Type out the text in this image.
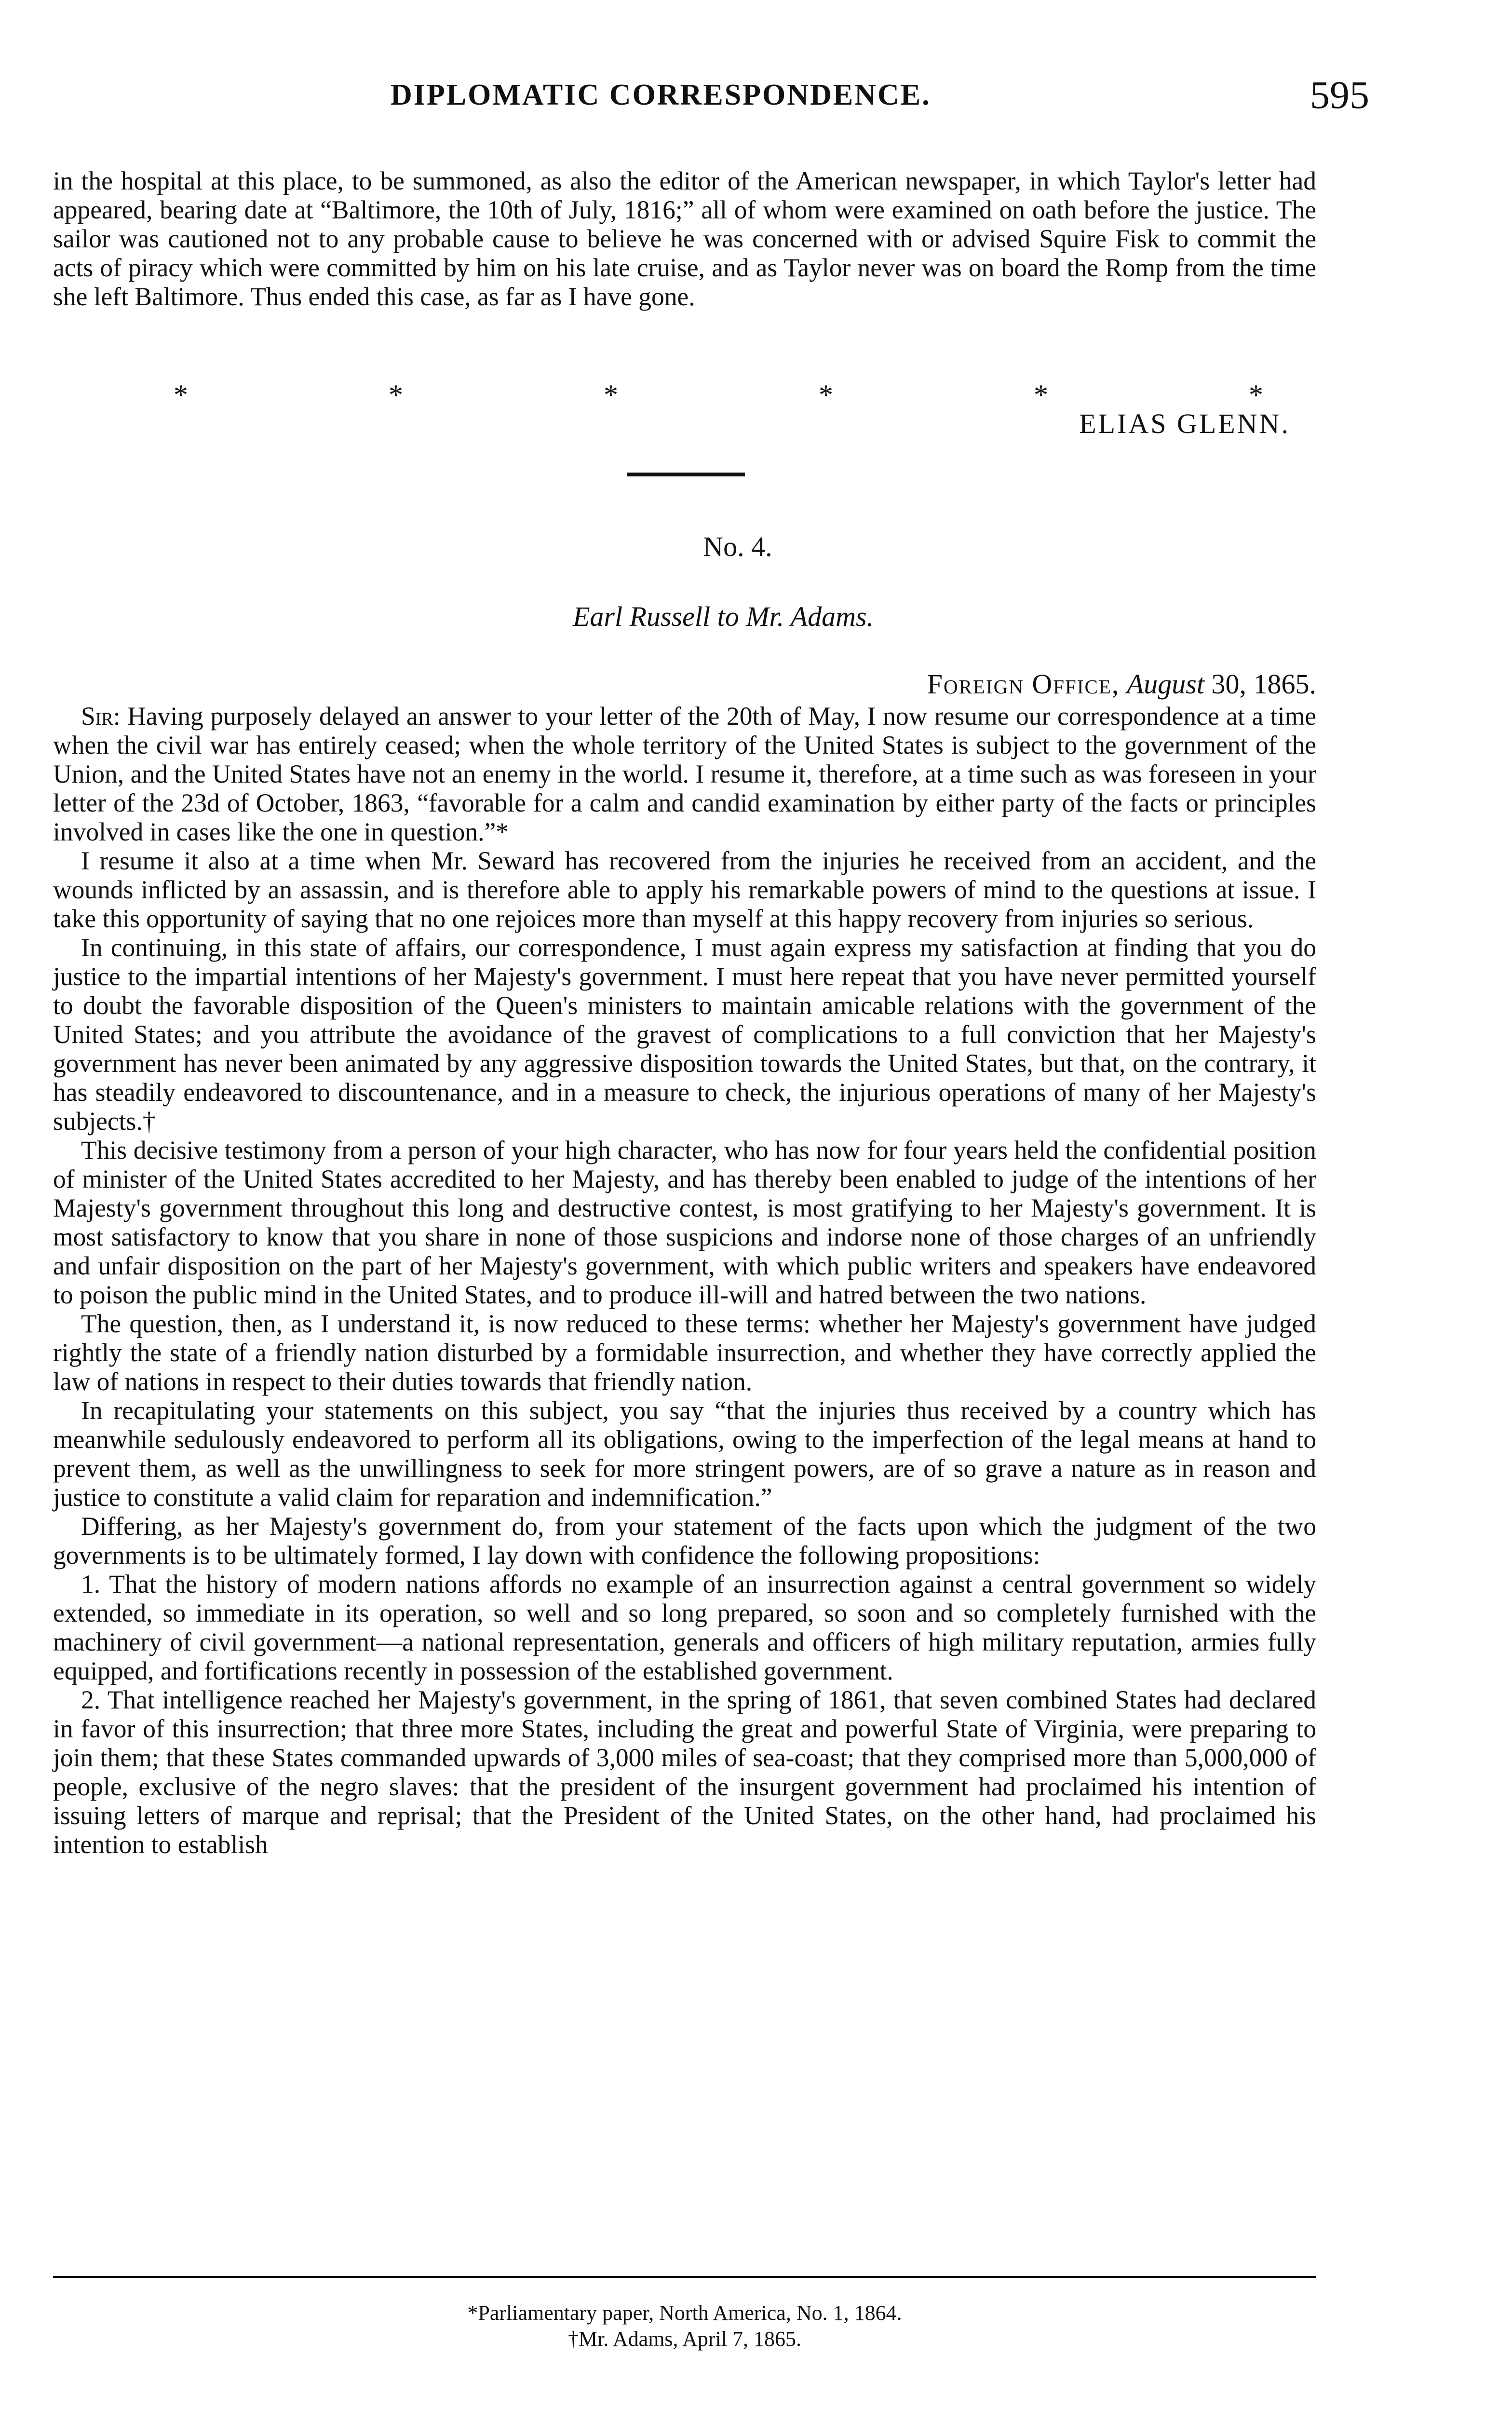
DIPLOMATIC CORRESPONDENCE.	595

in the hospital at this place, to be summoned, as also the editor of the American newspaper, in which Taylor's letter had appeared, bearing date at “Baltimore, the 10th of July, 1816;” all of whom were examined on oath before the justice. The sailor was cautioned not to any probable cause to believe he was concerned with or advised Squire Fisk to commit the acts of piracy which were committed by him on his late cruise, and as Taylor never was on board the Romp from the time she left Baltimore. Thus ended this case, as far as I have gone.

*	*	*	*	*	*
ELIAS GLENN.
No. 4.
Earl Russell to Mr. Adams.
Foreign Office, August 30, 1865.

Sir: Having purposely delayed an answer to your letter of the 20th of May, I now resume our correspondence at a time when the civil war has entirely ceased; when the whole territory of the United States is subject to the government of the Union, and the United States have not an enemy in the world. I resume it, therefore, at a time such as was foreseen in your letter of the 23d of October, 1863, “favorable for a calm and candid examination by either party of the facts or principles involved in cases like the one in question.”*

I resume it also at a time when Mr. Seward has recovered from the injuries he received from an accident, and the wounds inflicted by an assassin, and is therefore able to apply his remarkable powers of mind to the questions at issue. I take this opportunity of saying that no one rejoices more than myself at this happy recovery from injuries so serious.

In continuing, in this state of affairs, our correspondence, I must again express my satisfaction at finding that you do justice to the impartial intentions of her Majesty's government. I must here repeat that you have never permitted yourself to doubt the favorable disposition of the Queen's ministers to maintain amicable relations with the government of the United States; and you attribute the avoidance of the gravest of complications to a full conviction that her Majesty's government has never been animated by any aggressive disposition towards the United States, but that, on the contrary, it has steadily endeavored to discountenance, and in a measure to check, the injurious operations of many of her Majesty's subjects.†

This decisive testimony from a person of your high character, who has now for four years held the confidential position of minister of the United States accredited to her Majesty, and has thereby been enabled to judge of the intentions of her Majesty's government throughout this long and destructive contest, is most gratifying to her Majesty's government. It is most satisfactory to know that you share in none of those suspicions and indorse none of those charges of an unfriendly and unfair disposition on the part of her Majesty's government, with which public writers and speakers have endeavored to poison the public mind in the United States, and to produce ill-will and hatred between the two nations.

The question, then, as I understand it, is now reduced to these terms: whether her Majesty's government have judged rightly the state of a friendly nation disturbed by a formidable insurrection, and whether they have correctly applied the law of nations in respect to their duties towards that friendly nation.

In recapitulating your statements on this subject, you say “that the injuries thus received by a country which has meanwhile sedulously endeavored to perform all its obligations, owing to the imperfection of the legal means at hand to prevent them, as well as the unwillingness to seek for more stringent powers, are of so grave a nature as in reason and justice to constitute a valid claim for reparation and indemnification.”

Differing, as her Majesty's government do, from your statement of the facts upon which the judgment of the two governments is to be ultimately formed, I lay down with confidence the following propositions:

1. That the history of modern nations affords no example of an insurrection against a central government so widely extended, so immediate in its operation, so well and so long prepared, so soon and so completely furnished with the machinery of civil government—a national representation, generals and officers of high military reputation, armies fully equipped, and fortifications recently in possession of the established government.

2. That intelligence reached her Majesty's government, in the spring of 1861, that seven combined States had declared in favor of this insurrection; that three more States, including the great and powerful State of Virginia, were preparing to join them; that these States commanded upwards of 3,000 miles of sea-coast; that they comprised more than 5,000,000 of people, exclusive of the negro slaves: that the president of the insurgent government had proclaimed his intention of issuing letters of marque and reprisal; that the President of the United States, on the other hand, had proclaimed his intention to establish

*Parliamentary paper, North America, No. 1, 1864.
†Mr. Adams, April 7, 1865.
